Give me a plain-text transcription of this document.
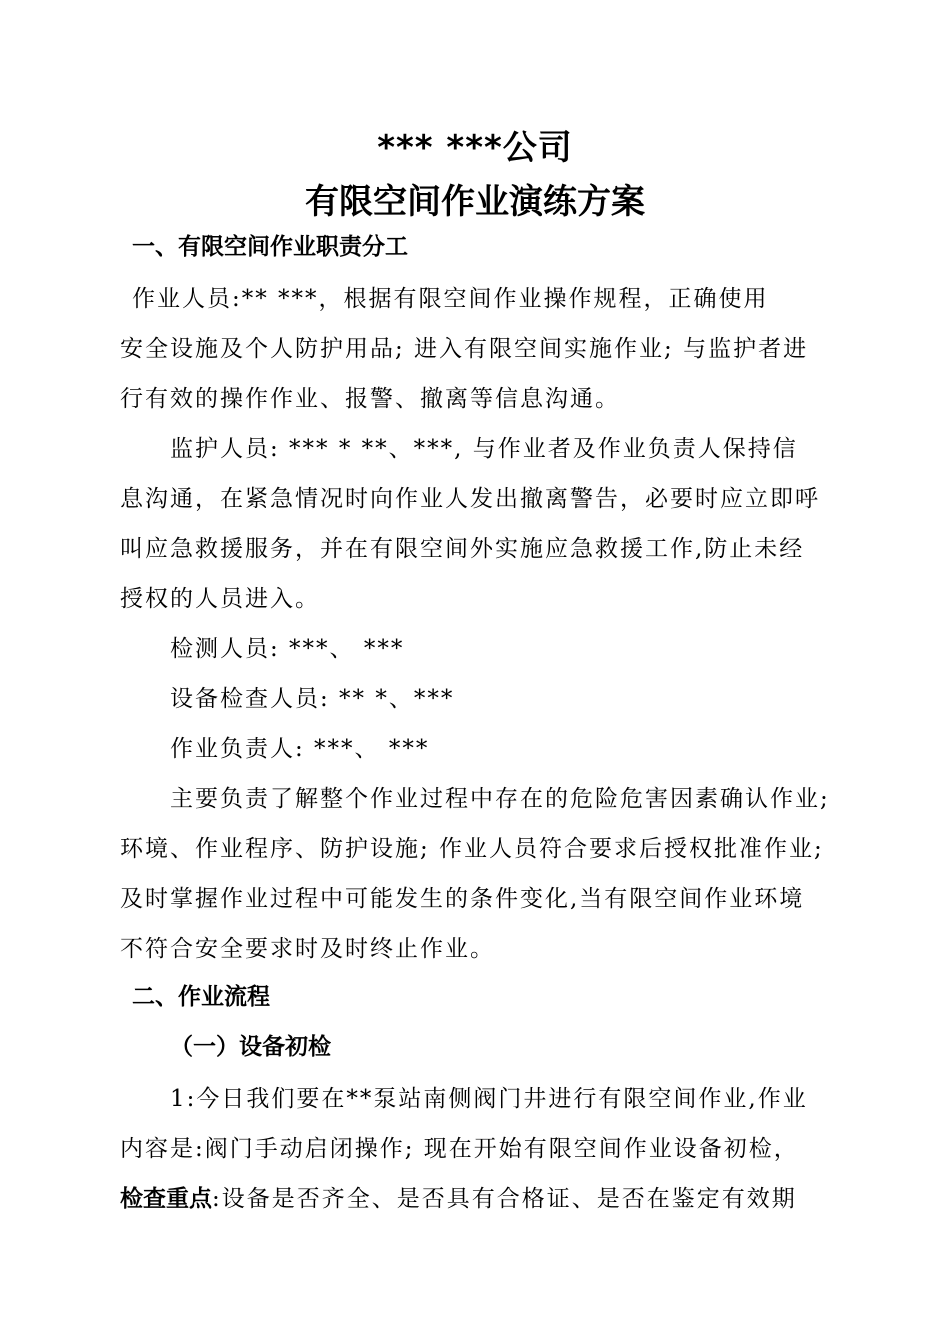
*** ***公司
有限空间作业演练方案
一、有限空间作业职责分工
作业人员:** ***，根据有限空间作业操作规程，正确使用
安全设施及个人防护用品; 进入有限空间实施作业; 与监护者进
行有效的操作作业、报警、撤离等信息沟通。
监护人员: *** * **、***, 与作业者及作业负责人保持信
息沟通，在紧急情况时向作业人发出撤离警告，必要时应立即呼
叫应急救援服务，并在有限空间外实施应急救援工作,防止未经
授权的人员进入。
检测人员: ***、 ***
设备检查人员: ** *、***
作业负责人: ***、 ***
主要负责了解整个作业过程中存在的危险危害因素确认作业;
环境、作业程序、防护设施; 作业人员符合要求后授权批准作业;
及时掌握作业过程中可能发生的条件变化,当有限空间作业环境
不符合安全要求时及时终止作业。
二、作业流程
（一）设备初检
1:今日我们要在**泵站南侧阀门井进行有限空间作业,作业
内容是:阀门手动启闭操作; 现在开始有限空间作业设备初检，
检查重点:设备是否齐全、是否具有合格证、是否在鉴定有效期
